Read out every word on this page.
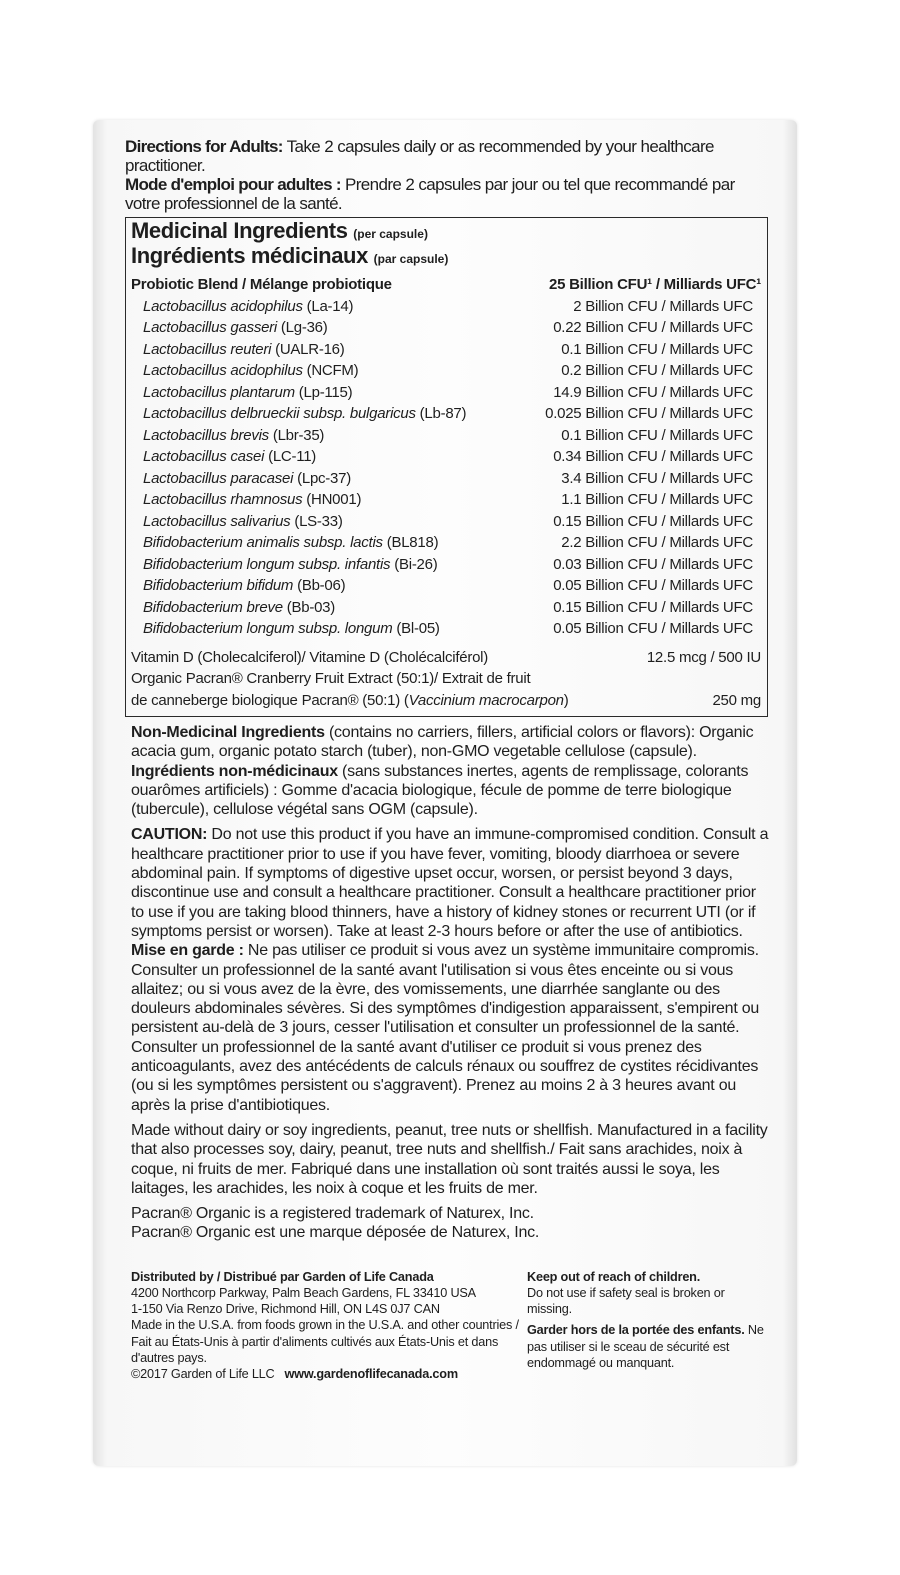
Directions for Adults: Take 2 capsules daily or as recommended by your healthcare practitioner.

Mode d'emploi pour adultes : Prendre 2 capsules par jour ou tel que recommandé par votre professionnel de la santé.

Medicinal Ingredients (per capsule)
Ingrédients médicinaux (par capsule)
Probiotic Blend / Mélange probiotique	25 Billion CFU¹ / Milliards UFC¹
Lactobacillus acidophilus (La-14)	2 Billion CFU / Millards UFC
Lactobacillus gasseri (Lg-36)	0.22 Billion CFU / Millards UFC
Lactobacillus reuteri (UALR-16)	0.1 Billion CFU / Millards UFC
Lactobacillus acidophilus (NCFM)	0.2 Billion CFU / Millards UFC
Lactobacillus plantarum (Lp-115)	14.9 Billion CFU / Millards UFC
Lactobacillus delbrueckii subsp. bulgaricus (Lb-87)	0.025 Billion CFU / Millards UFC
Lactobacillus brevis (Lbr-35)	0.1 Billion CFU / Millards UFC
Lactobacillus casei (LC-11)	0.34 Billion CFU / Millards UFC
Lactobacillus paracasei (Lpc-37)	3.4 Billion CFU / Millards UFC
Lactobacillus rhamnosus (HN001)	1.1 Billion CFU / Millards UFC
Lactobacillus salivarius (LS-33)	0.15 Billion CFU / Millards UFC
Bifidobacterium animalis subsp. lactis (BL818)	2.2 Billion CFU / Millards UFC
Bifidobacterium longum subsp. infantis (Bi-26)	0.03 Billion CFU / Millards UFC
Bifidobacterium bifidum (Bb-06)	0.05 Billion CFU / Millards UFC
Bifidobacterium breve (Bb-03)	0.15 Billion CFU / Millards UFC
Bifidobacterium longum subsp. longum (Bl-05)	0.05 Billion CFU / Millards UFC
Vitamin D (Cholecalciferol)/ Vitamine D (Cholécalciférol)	12.5 mcg / 500 IU
Organic Pacran® Cranberry Fruit Extract (50:1)/ Extrait de fruit
de canneberge biologique Pacran® (50:1) (Vaccinium macrocarpon)	250 mg

Non-Medicinal Ingredients (contains no carriers, fillers, artificial colors or flavors): Organic acacia gum, organic potato starch (tuber), non-GMO vegetable cellulose (capsule).

Ingrédients non-médicinaux (sans substances inertes, agents de remplissage, colorants ouarômes artificiels) : Gomme d'acacia biologique, fécule de pomme de terre biologique (tubercule), cellulose végétal sans OGM (capsule).

CAUTION: Do not use this product if you have an immune-compromised condition. Consult a healthcare practitioner prior to use if you have fever, vomiting, bloody diarrhoea or severe abdominal pain. If symptoms of digestive upset occur, worsen, or persist beyond 3 days, discontinue use and consult a healthcare practitioner. Consult a healthcare practitioner prior to use if you are taking blood thinners, have a history of kidney stones or recurrent UTI (or if symptoms persist or worsen). Take at least 2-3 hours before or after the use of antibiotics.

Mise en garde : Ne pas utiliser ce produit si vous avez un système immunitaire compromis. Consulter un professionnel de la santé avant l'utilisation si vous êtes enceinte ou si vous allaitez; ou si vous avez de la èvre, des vomissements, une diarrhée sanglante ou des douleurs abdominales sévères. Si des symptômes d'indigestion apparaissent, s'empirent ou persistent au-delà de 3 jours, cesser l'utilisation et consulter un professionnel de la santé. Consulter un professionnel de la santé avant d'utiliser ce produit si vous prenez des anticoagulants, avez des antécédents de calculs rénaux ou souffrez de cystites récidivantes (ou si les symptômes persistent ou s'aggravent). Prenez au moins 2 à 3 heures avant ou après la prise d'antibiotiques.

Made without dairy or soy ingredients, peanut, tree nuts or shellfish. Manufactured in a facility that also processes soy, dairy, peanut, tree nuts and shellfish./ Fait sans arachides, noix à coque, ni fruits de mer. Fabriqué dans une installation où sont traités aussi le soya, les laitages, les arachides, les noix à coque et les fruits de mer.

Pacran® Organic is a registered trademark of Naturex, Inc.

Pacran® Organic est une marque déposée de Naturex, Inc.

Distributed by / Distribué par Garden of Life Canada
4200 Northcorp Parkway, Palm Beach Gardens, FL 33410 USA
1-150 Via Renzo Drive, Richmond Hill, ON L4S 0J7 CAN
Made in the U.S.A. from foods grown in the U.S.A. and other countries / Fait au États-Unis à partir d'aliments cultivés aux États-Unis et dans d'autres pays.
©2017 Garden of Life LLC www.gardenoflifecanada.com
Keep out of reach of children.
Do not use if safety seal is broken or missing.
Garder hors de la portée des enfants. Ne pas utiliser si le sceau de sécurité est endommagé ou manquant.
